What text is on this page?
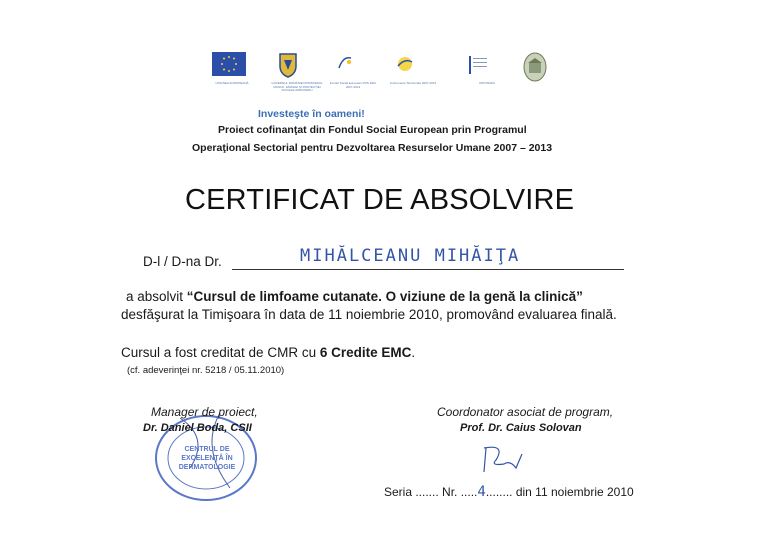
UNIUNEA EUROPEANĂ	GUVERNUL ROMÂNIEI MINISTERUL MUNCII, FAMILIEI ŞI PROTECŢIEI SOCIALE AMPOSDRU
Fondul Social European POS DRU 2007-2013
Instrumente Structurale 2007-2013	OIPOSDRU
Investeşte în oameni!
Proiect cofinanţat din Fondul Social European prin Programul
Operaţional Sectorial pentru Dezvoltarea Resurselor Umane 2007 – 2013
CERTIFICAT DE ABSOLVIRE
D-l / D-na Dr.	MIHĂLCEANU MIHĂIŢA
a absolvit “Cursul de limfoame cutanate. O viziune de la genă la clinică”
desfăşurat la Timişoara în data de 11 noiembrie 2010, promovând evaluarea finală.
Cursul a fost creditat de CMR cu 6 Credite EMC.
(cf. adeverinţei nr. 5218 / 05.11.2010)
CENTRUL DE EXCELENŢĂ ÎN DERMATOLOGIE
Manager de proiect,
Dr. Daniel Boda, CSII
Coordonator asociat de program,
Prof. Dr. Caius Solovan
Seria ....... Nr. .....4........ din 11 noiembrie 2010
